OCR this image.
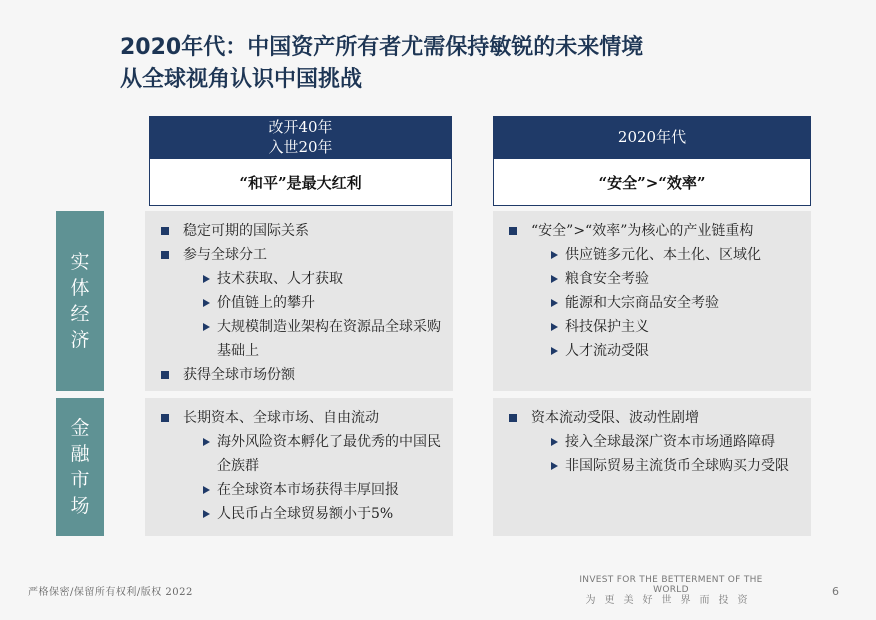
2020年代：中国资产所有者尤需保持敏锐的未来情境
从全球视角认识中国挑战
改开40年
入世20年
“和平”是最大红利
2020年代
“安全”>“效率”
实
体
经
济
金
融
市
场
稳定可期的国际关系
参与全球分工
技术获取、人才获取
价值链上的攀升
大规模制造业架构在资源品全球采购基础上
获得全球市场份额
“安全”>“效率”为核心的产业链重构
供应链多元化、本土化、区域化
粮食安全考验
能源和大宗商品安全考验
科技保护主义
人才流动受限
长期资本、全球市场、自由流动
海外风险资本孵化了最优秀的中国民企族群
在全球资本市场获得丰厚回报
人民币占全球贸易额小于5%
资本流动受限、波动性剧增
接入全球最深广资本市场通路障碍
非国际贸易主流货币全球购买力受限
严格保密/保留所有权利/版权 2022
INVEST FOR THE BETTERMENT OF THE WORLD
为更美好世界而投资
6
